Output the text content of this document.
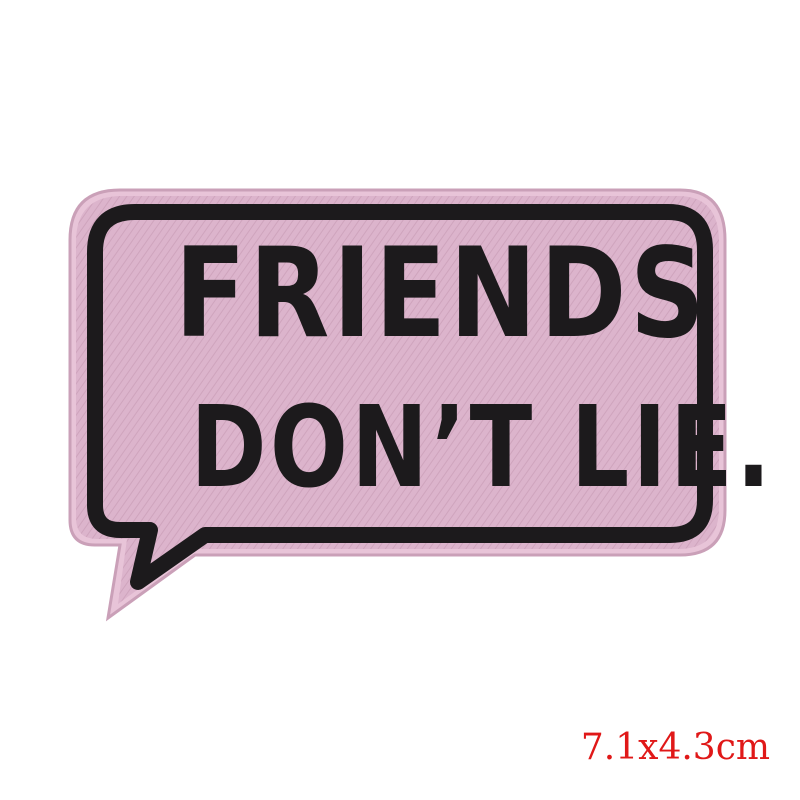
FRIENDS
DON’T LIE.
7.1x4.3cm
